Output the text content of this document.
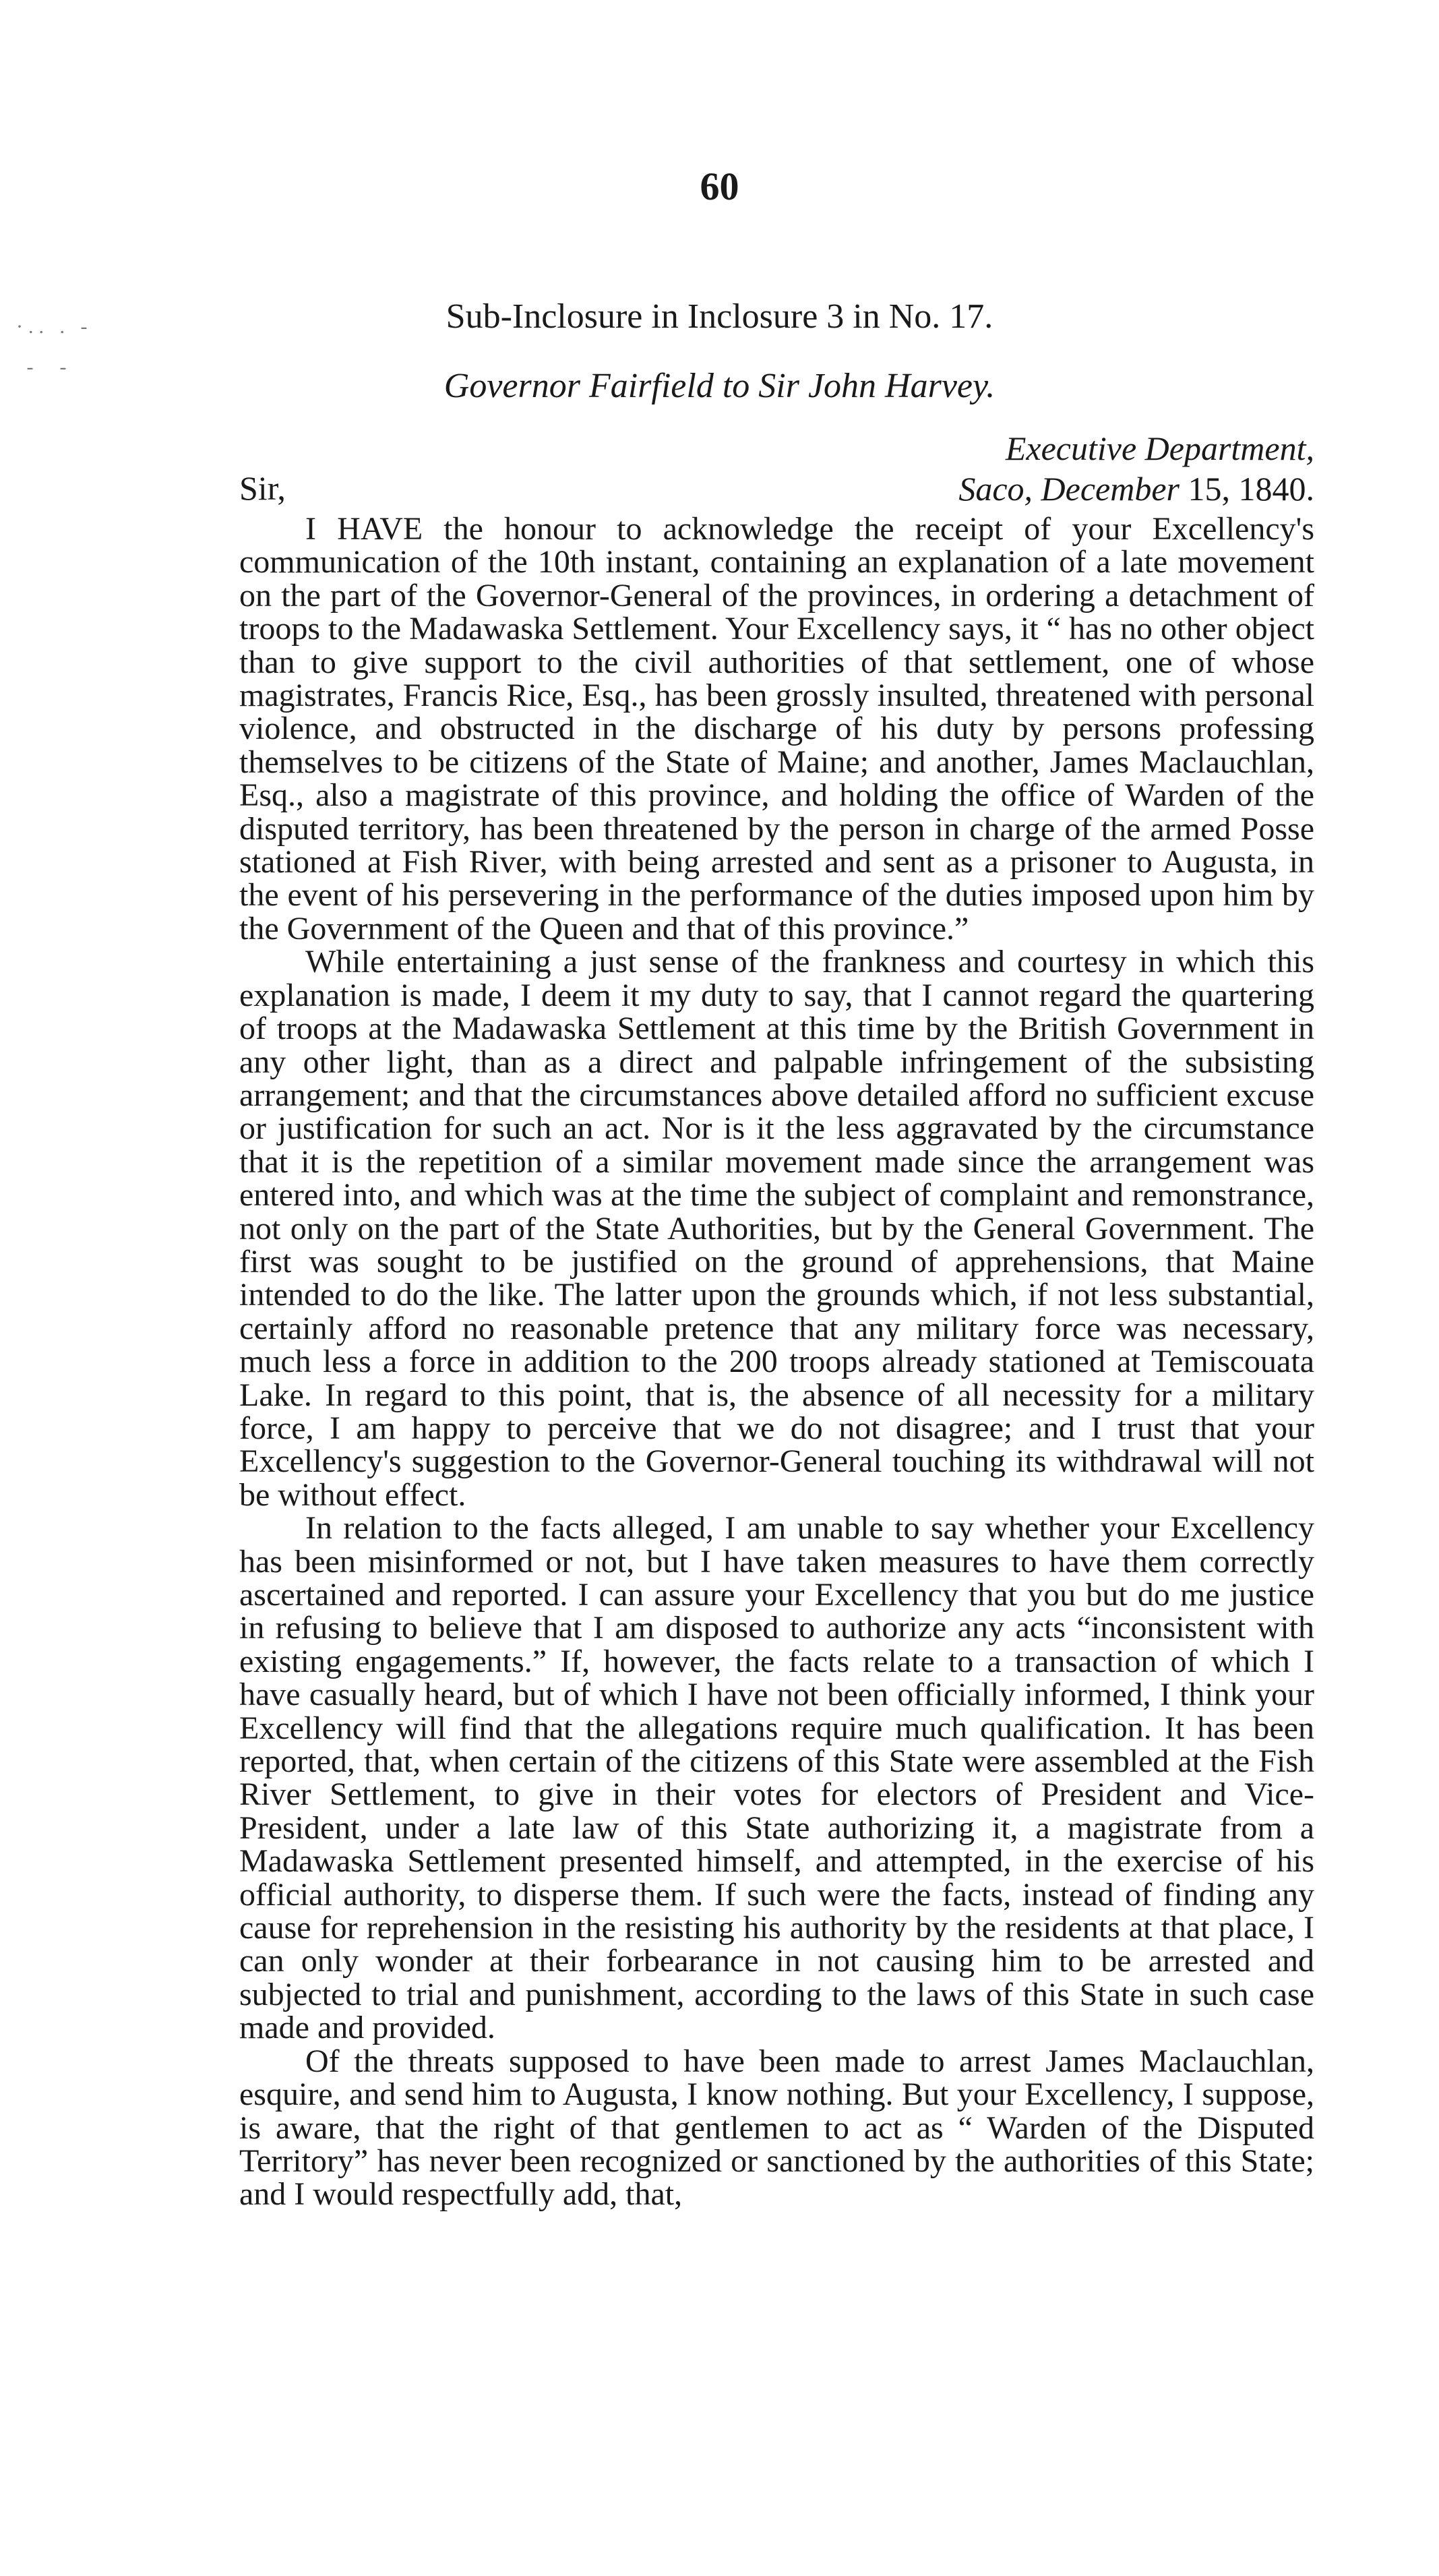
60
·.. . -
-  -
Sub-Inclosure in Inclosure 3 in No. 17.
Governor Fairfield to Sir John Harvey.
Executive Department,
Saco, December 15, 1840.
Sir,

I HAVE the honour to acknowledge the receipt of your Excellency's communication of the 10th instant, containing an explanation of a late movement on the part of the Governor-General of the provinces, in ordering a detachment of troops to the Madawaska Settlement. Your Excellency says, it “ has no other object than to give support to the civil authorities of that settlement, one of whose magistrates, Francis Rice, Esq., has been grossly insulted, threatened with personal violence, and obstructed in the discharge of his duty by persons professing themselves to be citizens of the State of Maine; and another, James Maclauchlan, Esq., also a magistrate of this province, and holding the office of Warden of the disputed territory, has been threatened by the person in charge of the armed Posse stationed at Fish River, with being arrested and sent as a prisoner to Augusta, in the event of his persevering in the performance of the duties imposed upon him by the Government of the Queen and that of this province.”

While entertaining a just sense of the frankness and courtesy in which this explanation is made, I deem it my duty to say, that I cannot regard the quartering of troops at the Madawaska Settlement at this time by the British Government in any other light, than as a direct and palpable infringement of the subsisting arrangement; and that the circumstances above detailed afford no sufficient excuse or justification for such an act. Nor is it the less aggravated by the circumstance that it is the repetition of a similar movement made since the arrangement was entered into, and which was at the time the subject of complaint and remonstrance, not only on the part of the State Authorities, but by the General Government. The first was sought to be justified on the ground of apprehensions, that Maine intended to do the like. The latter upon the grounds which, if not less substantial, certainly afford no reasonable pretence that any military force was necessary, much less a force in addition to the 200 troops already stationed at Temiscouata Lake. In regard to this point, that is, the absence of all necessity for a military force, I am happy to perceive that we do not disagree; and I trust that your Excellency's suggestion to the Governor-General touching its withdrawal will not be without effect.

In relation to the facts alleged, I am unable to say whether your Excellency has been misinformed or not, but I have taken measures to have them correctly ascertained and reported. I can assure your Excellency that you but do me justice in refusing to believe that I am disposed to authorize any acts “inconsistent with existing engagements.” If, however, the facts relate to a transaction of which I have casually heard, but of which I have not been officially informed, I think your Excellency will find that the allegations require much qualification. It has been reported, that, when certain of the citizens of this State were assembled at the Fish River Settlement, to give in their votes for electors of President and Vice-President, under a late law of this State authorizing it, a magistrate from a Madawaska Settlement presented himself, and attempted, in the exercise of his official authority, to disperse them. If such were the facts, instead of finding any cause for reprehension in the resisting his authority by the residents at that place, I can only wonder at their forbearance in not causing him to be arrested and subjected to trial and punishment, according to the laws of this State in such case made and provided.

Of the threats supposed to have been made to arrest James Maclauchlan, esquire, and send him to Augusta, I know nothing. But your Excellency, I suppose, is aware, that the right of that gentlemen to act as “ Warden of the Disputed Territory” has never been recognized or sanctioned by the authorities of this State; and I would respectfully add, that,
